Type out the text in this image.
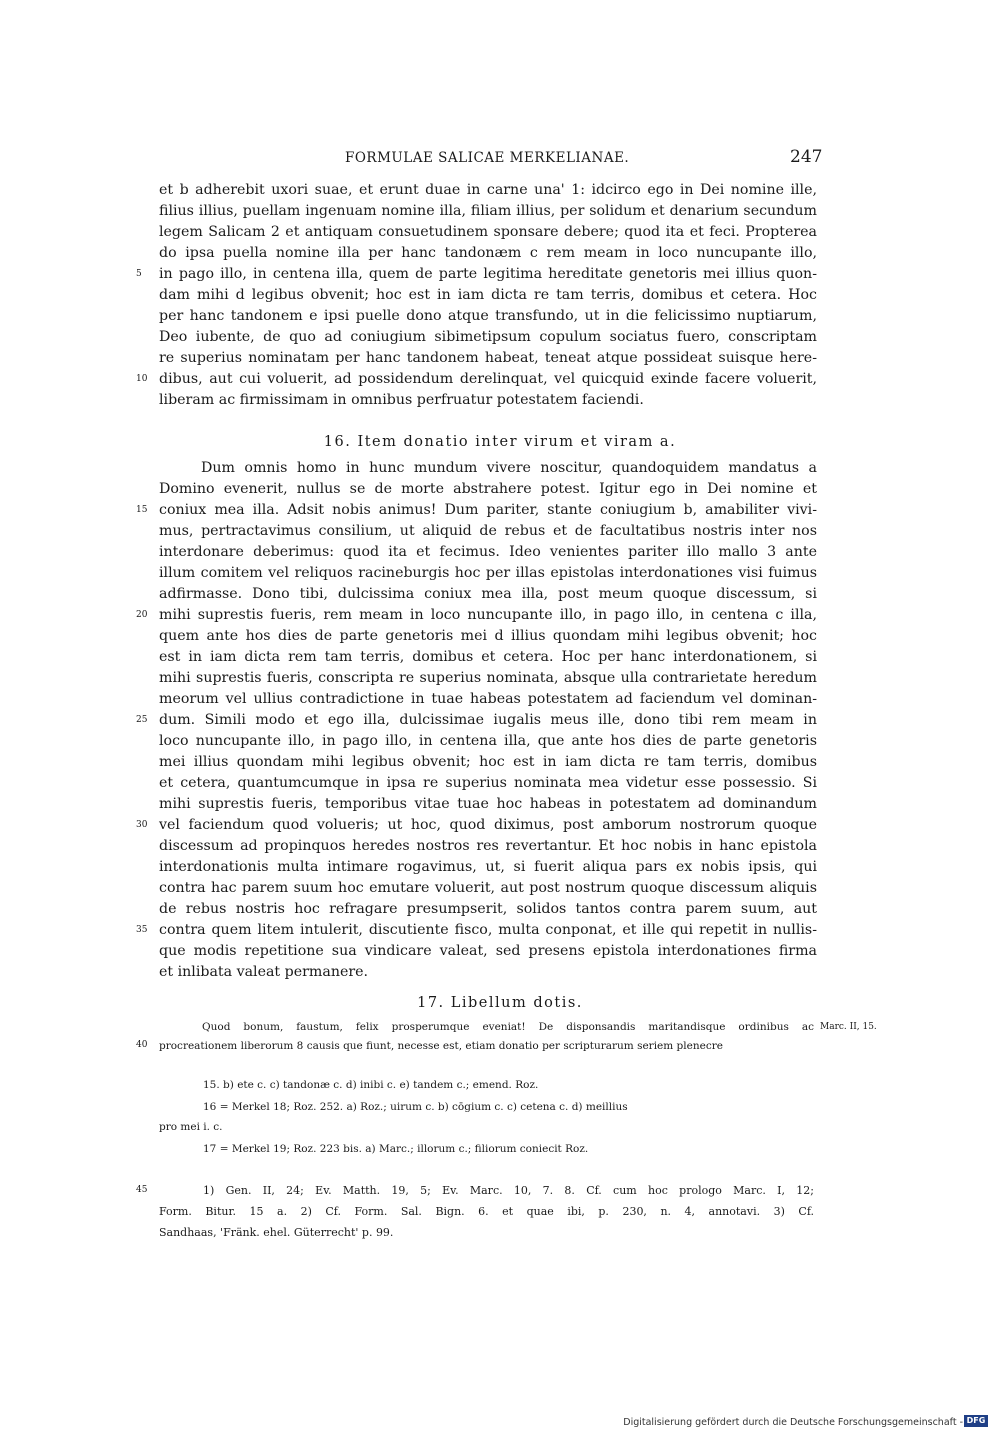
FORMULAE SALICAE MERKELIANAE.	247
et b adherebit uxori suae, et erunt duae in carne una' 1: idcirco ego in Dei nomine ille,
filius illius, puellam ingenuam nomine illa, filiam illius, per solidum et denarium secundum
legem Salicam 2 et antiquam consuetudinem sponsare debere; quod ita et feci. Propterea
do ipsa puella nomine illa per hanc tandonæm c rem meam in loco nuncupante illo,
in pago illo, in centena illa, quem de parte legitima hereditate genetoris mei illius quon-
dam mihi d legibus obvenit; hoc est in iam dicta re tam terris, domibus et cetera. Hoc
per hanc tandonem e ipsi puelle dono atque transfundo, ut in die felicissimo nuptiarum,
Deo iubente, de quo ad coniugium sibimetipsum copulum sociatus fuero, conscriptam
re superius nominatam per hanc tandonem habeat, teneat atque possideat suisque here-
dibus, aut cui voluerit, ad possidendum derelinquat, vel quicquid exinde facere voluerit,
liberam ac firmissimam in omnibus perfruatur potestatem faciendi.
5
10
16. Item donatio inter virum et viram a.
Dum omnis homo in hunc mundum vivere noscitur, quandoquidem mandatus a
Domino evenerit, nullus se de morte abstrahere potest. Igitur ego in Dei nomine et
coniux mea illa. Adsit nobis animus! Dum pariter, stante coniugium b, amabiliter vivi-
mus, pertractavimus consilium, ut aliquid de rebus et de facultatibus nostris inter nos
interdonare deberimus: quod ita et fecimus. Ideo venientes pariter illo mallo 3 ante
illum comitem vel reliquos racineburgis hoc per illas epistolas interdonationes visi fuimus
adfirmasse. Dono tibi, dulcissima coniux mea illa, post meum quoque discessum, si
mihi suprestis fueris, rem meam in loco nuncupante illo, in pago illo, in centena c illa,
quem ante hos dies de parte genetoris mei d illius quondam mihi legibus obvenit; hoc
est in iam dicta rem tam terris, domibus et cetera. Hoc per hanc interdonationem, si
mihi suprestis fueris, conscripta re superius nominata, absque ulla contrarietate heredum
meorum vel ullius contradictione in tuae habeas potestatem ad faciendum vel dominan-
dum. Simili modo et ego illa, dulcissimae iugalis meus ille, dono tibi rem meam in
loco nuncupante illo, in pago illo, in centena illa, que ante hos dies de parte genetoris
mei illius quondam mihi legibus obvenit; hoc est in iam dicta re tam terris, domibus
et cetera, quantumcumque in ipsa re superius nominata mea videtur esse possessio. Si
mihi suprestis fueris, temporibus vitae tuae hoc habeas in potestatem ad dominandum
vel faciendum quod volueris; ut hoc, quod diximus, post amborum nostrorum quoque
discessum ad propinquos heredes nostros res revertantur. Et hoc nobis in hanc epistola
interdonationis multa intimare rogavimus, ut, si fuerit aliqua pars ex nobis ipsis, qui
contra hac parem suum hoc emutare voluerit, aut post nostrum quoque discessum aliquis
de rebus nostris hoc refragare presumpserit, solidos tantos contra parem suum, aut
contra quem litem intulerit, discutiente fisco, multa conponat, et ille qui repetit in nullis-
que modis repetitione sua vindicare valeat, sed presens epistola interdonationes firma
et inlibata valeat permanere.
15
20
25
30
35
17. Libellum dotis.
Quod bonum, faustum, felix prosperumque eveniat! De disponsandis maritandisque ordinibus ac
procreationem liberorum 8 causis que fiunt, necesse est, etiam donatio per scripturarum seriem plenecre
Marc. II, 15.
40
15. b) ete c. c) tandonæ c. d) inibi c. e) tandem c.; emend. Roz.
16 = Merkel 18; Roz. 252. a) Roz.; uirum c. b) cōgium c. c) cetena c. d) meillius
pro mei i. c.
17 = Merkel 19; Roz. 223 bis. a) Marc.; illorum c.; filiorum coniecit Roz.
1) Gen. II, 24; Ev. Matth. 19, 5; Ev. Marc. 10, 7. 8. Cf. cum hoc prologo Marc. I, 12;
Form. Bitur. 15 a. 2) Cf. Form. Sal. Bign. 6. et quae ibi, p. 230, n. 4, annotavi. 3) Cf.
Sandhaas, 'Fränk. ehel. Güterrecht' p. 99.
45
Digitalisierung gefördert durch die Deutsche Forschungsgemeinschaft - DFG
